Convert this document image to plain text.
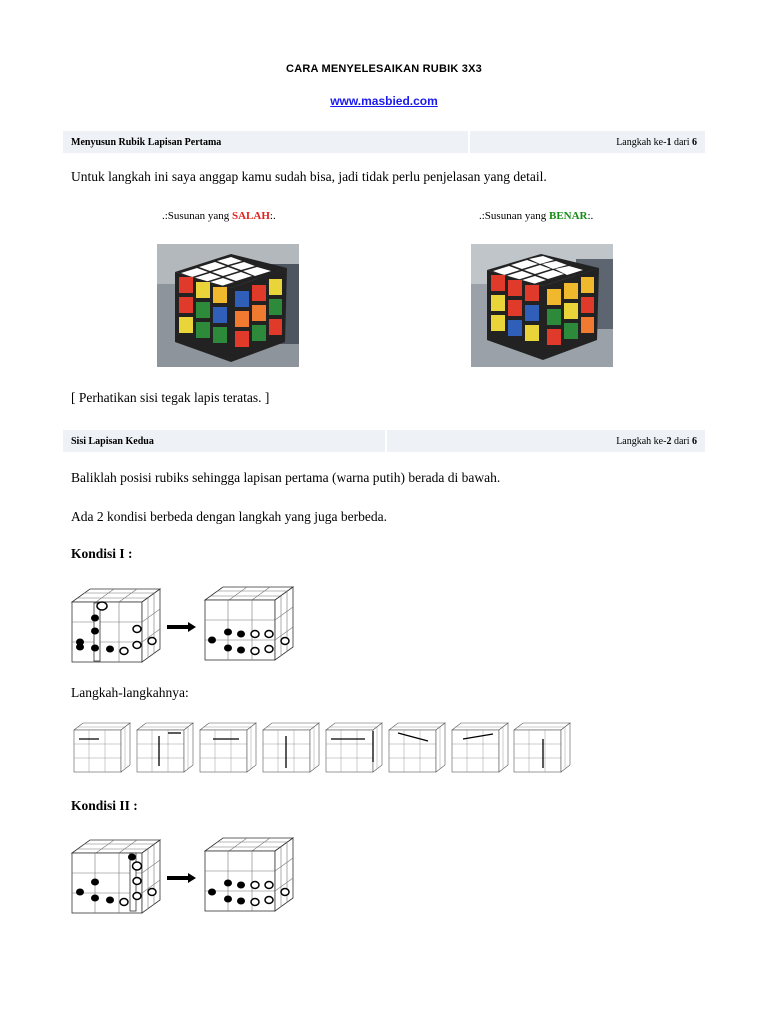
CARA MENYELESAIKAN RUBIK 3X3
www.masbied.com
Menyusun Rubik Lapisan Pertama	Langkah ke- 1
dari
6
Untuk langkah ini saya anggap kamu sudah bisa, jadi tidak perlu penjelasan yang detail.
.:Susunan yang SALAH:.	.:Susunan yang BENAR:.
[ Perhatikan sisi tegak lapis teratas. ]
Sisi Lapisan Kedua	Langkah ke- 2
dari
6
Baliklah posisi rubiks sehingga lapisan pertama (warna putih) berada di bawah.
Ada 2 kondisi berbeda dengan langkah yang juga berbeda.
Kondisi I :
Langkah-langkahnya:
Kondisi II :
